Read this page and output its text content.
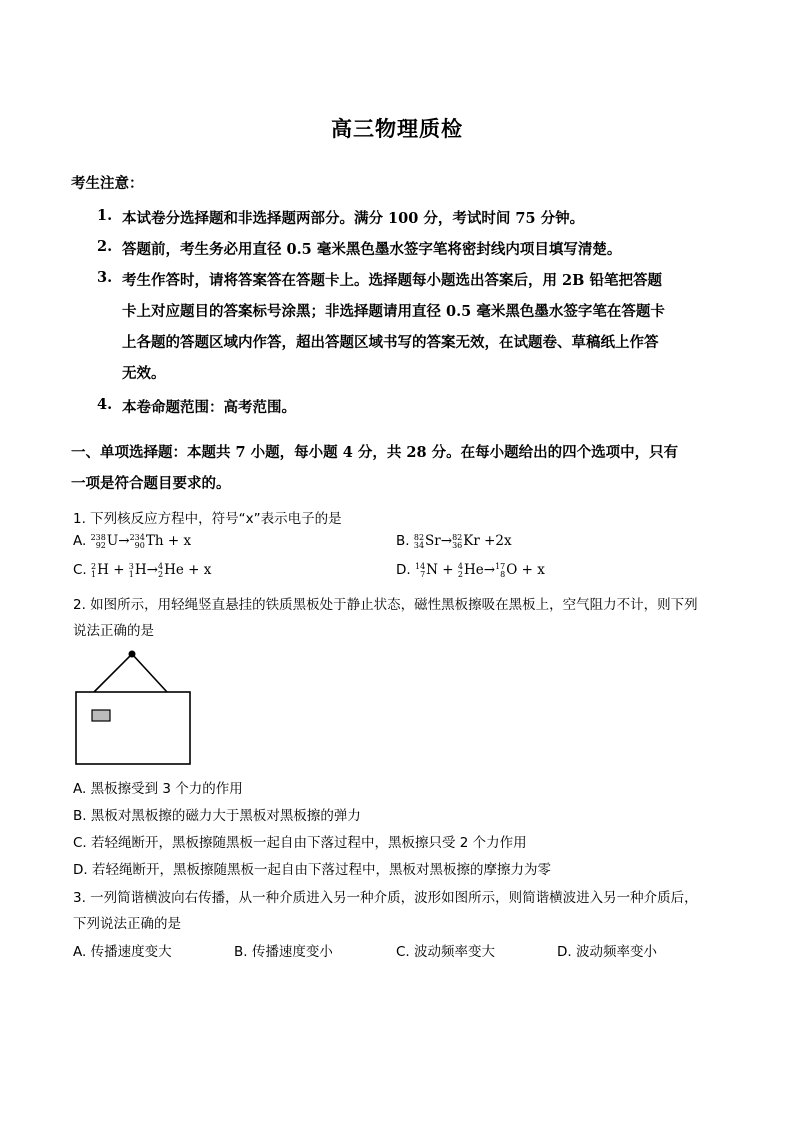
高三物理质检
考生注意：
1. 本试卷分选择题和非选择题两部分。满分 100 分，考试时间 75 分钟。
2. 答题前，考生务必用直径 0.5 毫米黑色墨水签字笔将密封线内项目填写清楚。
3. 考生作答时，请将答案答在答题卡上。选择题每小题选出答案后，用 2B 铅笔把答题
卡上对应题目的答案标号涂黑；非选择题请用直径 0.5 毫米黑色墨水签字笔在答题卡
上各题的答题区域内作答，超出答题区域书写的答案无效，在试题卷、草稿纸上作答
无效。
4. 本卷命题范围：高考范围。
一、单项选择题：本题共 7 小题，每小题 4 分，共 28 分。在每小题给出的四个选项中，只有
一项是符合题目要求的。
1. 下列核反应方程中，符号“x”表示电子的是
A. 238
92 U→ 234
90 Th + x	B. 82
34 Sr→ 82
36 Kr +2x
C. 2
1 H + 3
1 H→ 4
2 He + x	D. 14
7 N + 4
2 He→ 17
8 O + x
2. 如图所示，用轻绳竖直悬挂的铁质黑板处于静止状态，磁性黑板擦吸在黑板上，空气阻力不计，则下列
说法正确的是
A. 黑板擦受到 3 个力的作用
B. 黑板对黑板擦的磁力大于黑板对黑板擦的弹力
C. 若轻绳断开，黑板擦随黑板一起自由下落过程中，黑板擦只受 2 个力作用
D. 若轻绳断开，黑板擦随黑板一起自由下落过程中，黑板对黑板擦的摩擦力为零
3. 一列简谐横波向右传播，从一种介质进入另一种介质，波形如图所示，则简谐横波进入另一种介质后，
下列说法正确的是
A. 传播速度变大	B. 传播速度变小	C. 波动频率变大	D. 波动频率变小
